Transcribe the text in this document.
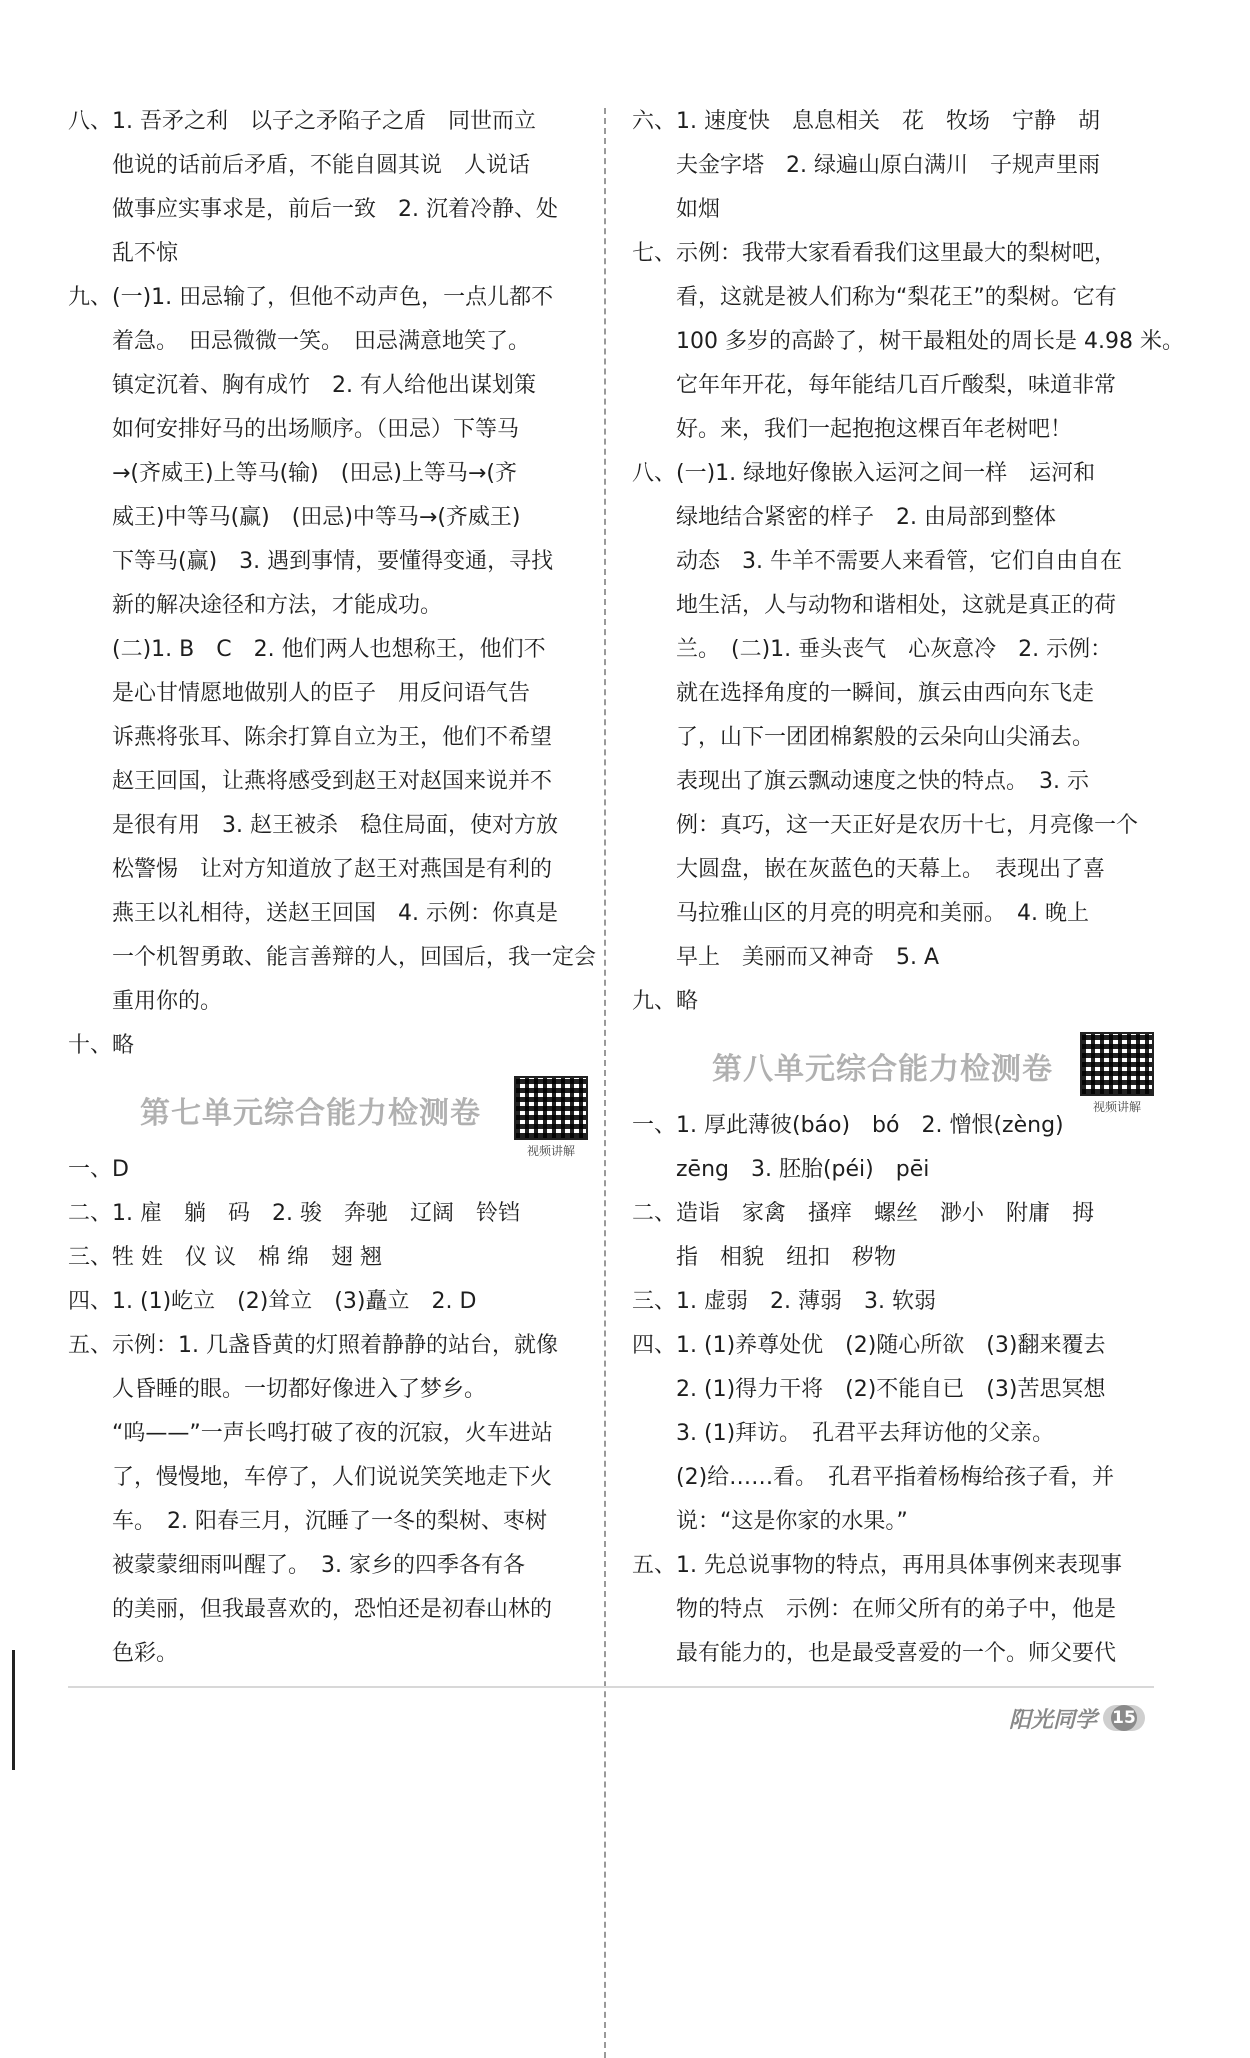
八、1. 吾矛之利　以子之矛陷子之盾　同世而立
他说的话前后矛盾，不能自圆其说　人说话
做事应实事求是，前后一致　2. 沉着冷静、处
乱不惊
九、(一)1. 田忌输了，但他不动声色，一点儿都不
着急。　田忌微微一笑。　田忌满意地笑了。
镇定沉着、胸有成竹　2. 有人给他出谋划策
如何安排好马的出场顺序。（田忌）下等马
→(齐威王)上等马(输)　(田忌)上等马→(齐
威王)中等马(赢)　(田忌)中等马→(齐威王)
下等马(赢)　3. 遇到事情，要懂得变通，寻找
新的解决途径和方法，才能成功。
(二)1. B　C　2. 他们两人也想称王，他们不
是心甘情愿地做别人的臣子　用反问语气告
诉燕将张耳、陈余打算自立为王，他们不希望
赵王回国，让燕将感受到赵王对赵国来说并不
是很有用　3. 赵王被杀　稳住局面，使对方放
松警惕　让对方知道放了赵王对燕国是有利的
燕王以礼相待，送赵王回国　4. 示例：你真是
一个机智勇敢、能言善辩的人，回国后，我一定会
重用你的。
十、略
第七单元综合能力检测卷
视频讲解
一、D
二、1. 雇　躺　码　2. 骏　奔驰　辽阔　铃铛
三、牲 姓　仪 议　棉 绵　翅 翘
四、1. (1)屹立　(2)耸立　(3)矗立　2. D
五、示例：1. 几盏昏黄的灯照着静静的站台，就像
人昏睡的眼。一切都好像进入了梦乡。
“呜——”一声长鸣打破了夜的沉寂，火车进站
了，慢慢地，车停了，人们说说笑笑地走下火
车。　2. 阳春三月，沉睡了一冬的梨树、枣树
被蒙蒙细雨叫醒了。　3. 家乡的四季各有各
的美丽，但我最喜欢的，恐怕还是初春山林的
色彩。
六、1. 速度快　息息相关　花　牧场　宁静　胡
夫金字塔　2. 绿遍山原白满川　子规声里雨
如烟
七、示例：我带大家看看我们这里最大的梨树吧，
看，这就是被人们称为“梨花王”的梨树。它有
100 多岁的高龄了，树干最粗处的周长是 4.98 米。
它年年开花，每年能结几百斤酸梨，味道非常
好。来，我们一起抱抱这棵百年老树吧！
八、(一)1. 绿地好像嵌入运河之间一样　运河和
绿地结合紧密的样子　2. 由局部到整体
动态　3. 牛羊不需要人来看管，它们自由自在
地生活，人与动物和谐相处，这就是真正的荷
兰。　(二)1. 垂头丧气　心灰意冷　2. 示例：
就在选择角度的一瞬间，旗云由西向东飞走
了，山下一团团棉絮般的云朵向山尖涌去。
表现出了旗云飘动速度之快的特点。　3. 示
例：真巧，这一天正好是农历十七，月亮像一个
大圆盘，嵌在灰蓝色的天幕上。　表现出了喜
马拉雅山区的月亮的明亮和美丽。　4. 晚上
早上　美丽而又神奇　5. A
九、略
第八单元综合能力检测卷
视频讲解
一、1. 厚此薄彼(báo)　bó　2. 憎恨(zèng)
zēng　3. 胚胎(péi)　pēi
二、造诣　家禽　搔痒　螺丝　渺小　附庸　拇
指　相貌　纽扣　秽物
三、1. 虚弱　2. 薄弱　3. 软弱
四、1. (1)养尊处优　(2)随心所欲　(3)翻来覆去
2. (1)得力干将　(2)不能自已　(3)苦思冥想
3. (1)拜访。　孔君平去拜访他的父亲。
(2)给……看。　孔君平指着杨梅给孩子看，并
说：“这是你家的水果。”
五、1. 先总说事物的特点，再用具体事例来表现事
物的特点　示例：在师父所有的弟子中，他是
最有能力的，也是最受喜爱的一个。师父要代
阳光同学 15
